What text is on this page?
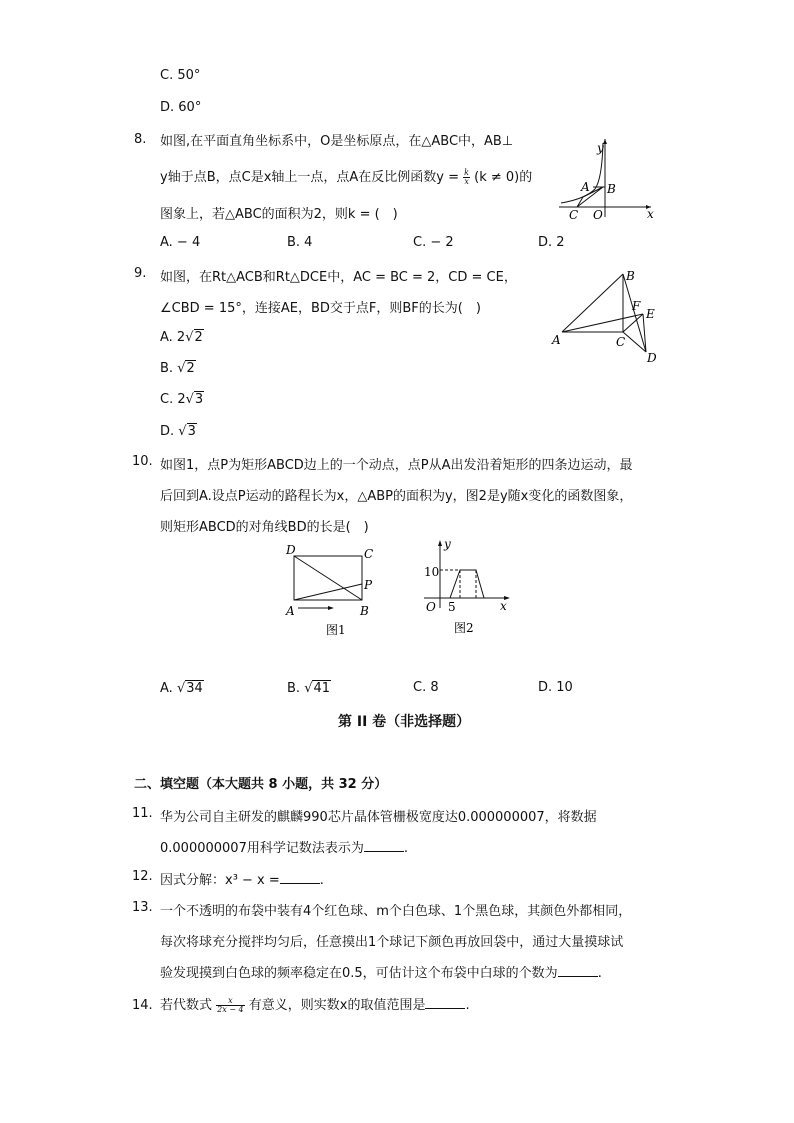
C. 50°
D. 60°
8. 如图,在平面直角坐标系中，O是坐标原点，在△ABC中，AB⊥
y轴于点B，点C是x轴上一点，点A在反比例函数$y = \frac{k}{x} (k \ne 0)$的
图象上，若△ABC的面积为2，则k = (　)
A. − 4	B. 4	C. − 2	D. 2
y
x
A B
C O
9. 如图，在Rt△ACB和Rt△DCE中，AC = BC = 2，CD = CE，
∠CBD = 15°，连接AE，BD交于点F，则BF的长为(　)
A. 2√2
B. √2
C. 2√3
D. √3
B
F
E
A	C
D
10. 如图1，点P为矩形ABCD边上的一个动点，点P从A出发沿着矩形的四条边运动，最
后回到A.设点P运动的路程长为x，△ABP的面积为y，图2是y随x变化的函数图象，
则矩形ABCD的对角线BD的长是(　)
D	C
P
A	B
图1
y
x
10
O 5
图2
A. √34	B. √41	C. 8	D. 10
第 II 卷（非选择题）
二、填空题（本大题共 8 小题，共 32 分）
11. 华为公司自主研发的麒麟990芯片晶体管栅极宽度达0.000000007，将数据
0.000000007用科学记数法表示为	.
12. 因式分解：x³ − x =	.
13. 一个不透明的布袋中装有4个红色球、m个白色球、1个黑色球，其颜色外都相同，
每次将球充分搅拌均匀后，任意摸出1个球记下颜色再放回袋中，通过大量摸球试
验发现摸到白色球的频率稳定在0.5，可估计这个布袋中白球的个数为	.
14. 若代数式 $\frac{x}{2x - 4}$ 有意义，则实数x的取值范围是	.
